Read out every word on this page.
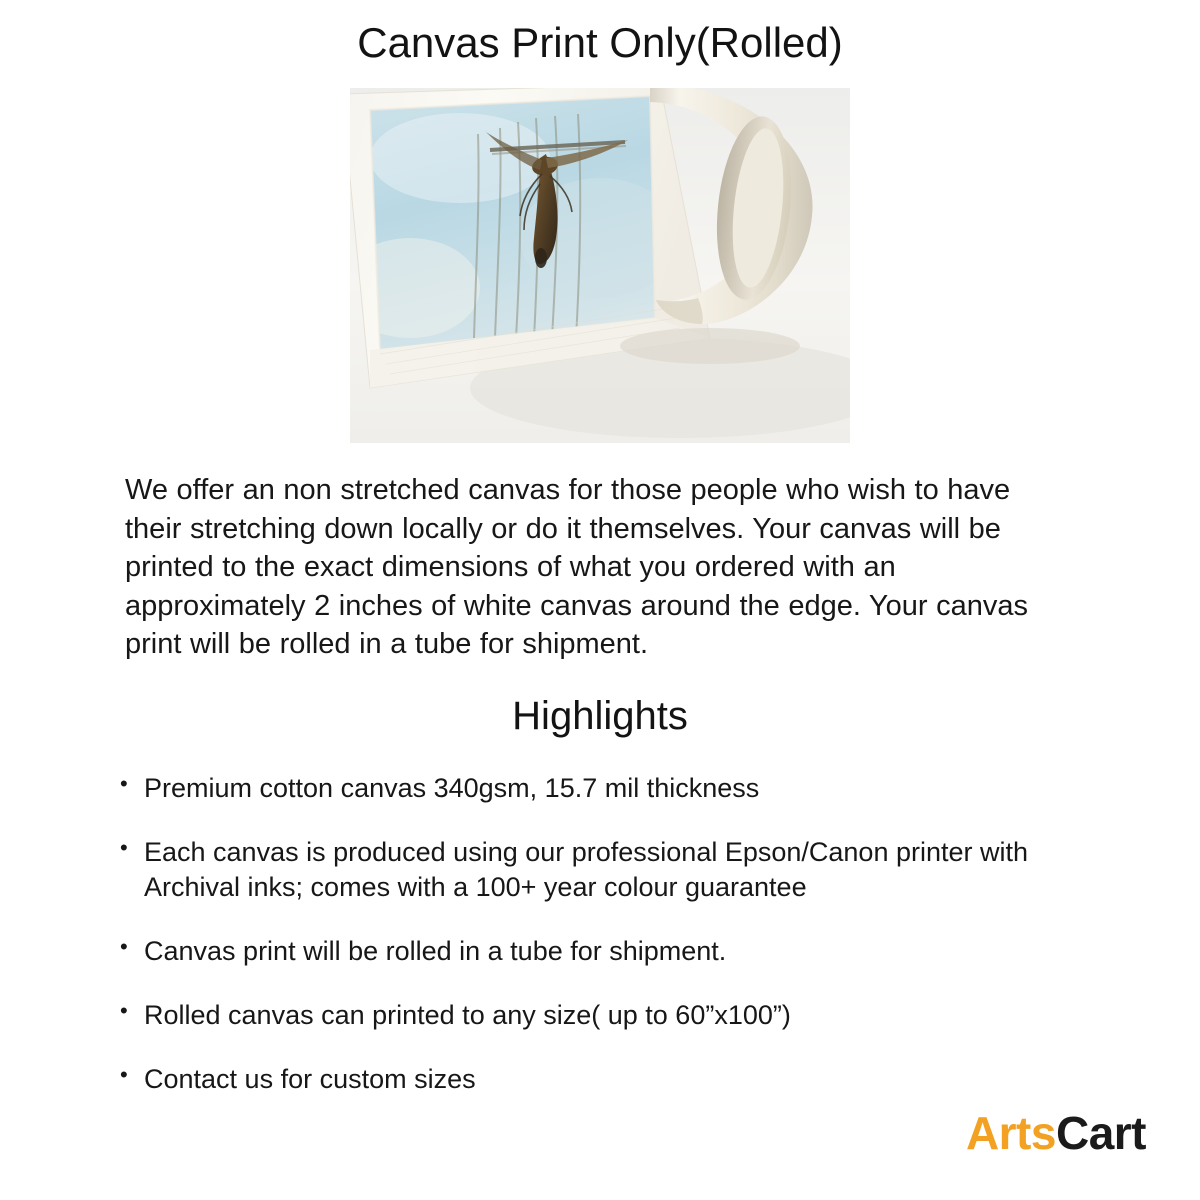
Canvas Print Only(Rolled)

We offer an non stretched canvas for those people who wish to have their stretching down locally or do it themselves. Your canvas will be printed to the exact dimensions of what you ordered with an approximately 2 inches of white canvas around the edge. Your canvas print will be rolled in a tube for shipment.

Highlights
• Premium cotton canvas 340gsm, 15.7 mil thickness
• Each canvas is produced using our professional Epson/Canon printer with Archival inks; comes with a 100+ year colour guarantee
• Canvas print will be rolled in a tube for shipment.
• Rolled canvas can printed to any size( up to 60”x100”)
• Contact us for custom sizes
ArtsCart
